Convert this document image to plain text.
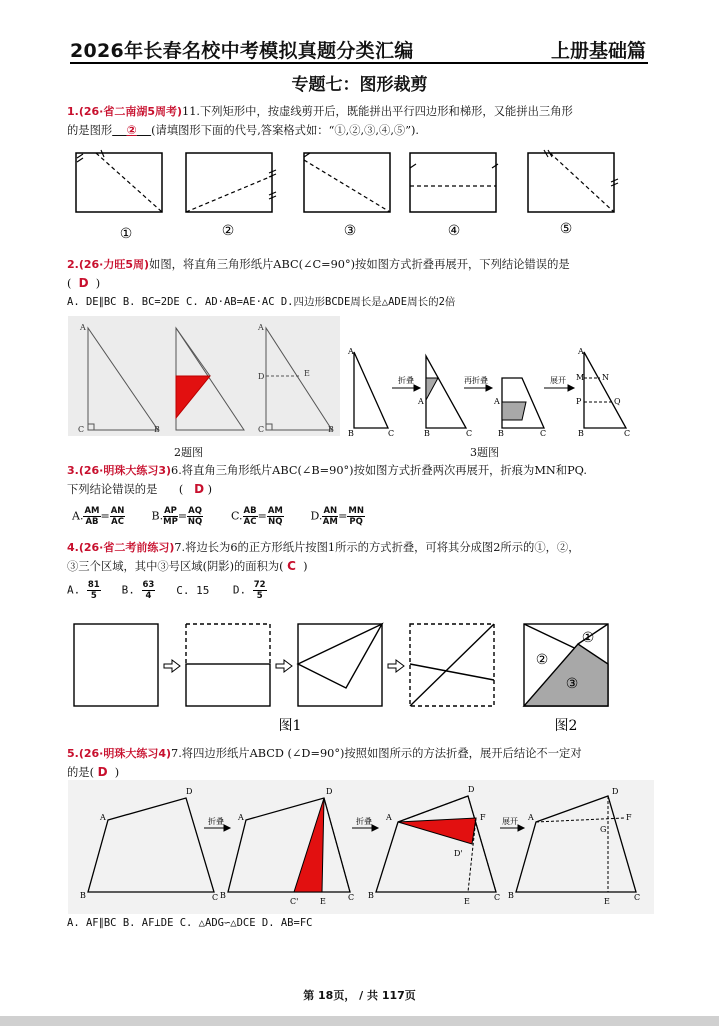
2026年长春名校中考模拟真题分类汇编	上册基础篇
专题七：图形裁剪
1.(26·省二南湖5周考)11.下列矩形中，按虚线剪开后，既能拼出平行四边形和梯形，又能拼出三角形
的是图形 ② (请填图形下面的代号,答案格式如：“①,②,③,④,⑤”).
①	②	③	④	⑤
2.(26·力旺5周)如图，将直角三角形纸片ABC(∠C=90°)按如图方式折叠再展开，下列结论错误的是
( D )
A. DE∥BC B. BC=2DE C. AD·AB=AE·AC D.四边形BCDE周长是△ADE周长的2倍
A
C	B
A
D	E
C	B
2题图
折叠	再折叠	展开
A
B	C
A
B	C
A
B	C
A
M N
P	Q
B	C
3题图
3.(26·明珠大练习3)6.将直角三角形纸片ABC(∠B=90°)按如图方式折叠两次再展开，折痕为MN和PQ.
下列结论错误的是      (   D )
A. $\frac{AM}{AB} = \frac{AN}{AC} B$. $\frac{AP}{MP} = \frac{AQ}{NQ}$	C. $\frac{AB}{AC} = \frac{AM}{NQ} D$. $\frac{AN}{AM} = \frac{MN}{PQ}$
4.(26·省二考前练习)7.将边长为6的正方形纸片按图1所示的方式折叠，可将其分成图2所示的①，②，
③三个区域，其中③号区域(阴影)的面积为( C )
A. $\frac{81}{5} B$. $\frac{63}{4} C$. 15 D. $\frac{72}{5}$
①
②
③
图1	图2
5.(26·明珠大练习4)7.将四边形纸片ABCD (∠D=90°)按照如图所示的方法折叠，展开后结论不一定对
的是( D )
折叠	折叠	展开
A
D
B	C
A
D
B
C'	E	C
A
D
F
D'
B
E	C
A
D
F
G
B
E	C
A. AF∥BC B. AF⊥DE C. △ADG∽△DCE D. AB=FC
第 18页， / 共 117页
